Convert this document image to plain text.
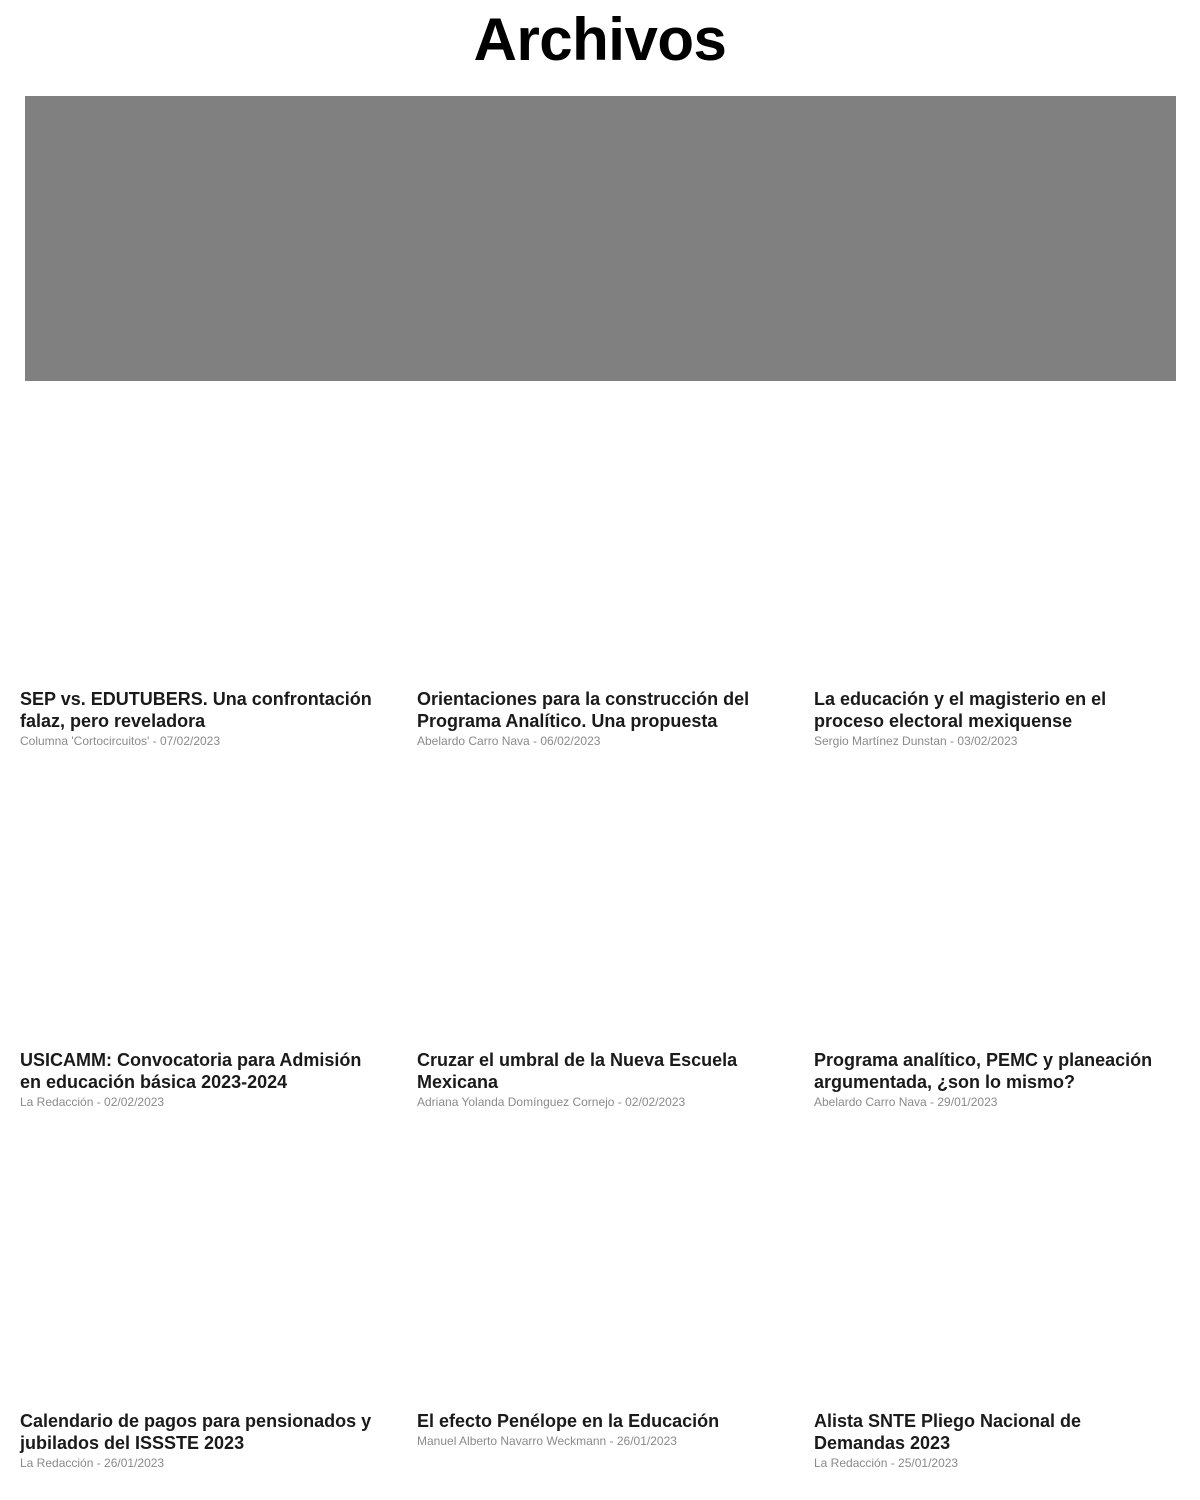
Archivos
SEP vs. EDUTUBERS. Una confrontación falaz, pero reveladora
Columna 'Cortocircuitos' - 07/02/2023
Orientaciones para la construcción del Programa Analítico. Una propuesta
Abelardo Carro Nava - 06/02/2023
La educación y el magisterio en el proceso electoral mexiquense
Sergio Martínez Dunstan - 03/02/2023
USICAMM: Convocatoria para Admisión en educación básica 2023-2024
La Redacción - 02/02/2023
Cruzar el umbral de la Nueva Escuela Mexicana
Adriana Yolanda Domínguez Cornejo - 02/02/2023
Programa analítico, PEMC y planeación argumentada, ¿son lo mismo?
Abelardo Carro Nava - 29/01/2023
Calendario de pagos para pensionados y jubilados del ISSSTE 2023
La Redacción - 26/01/2023
El efecto Penélope en la Educación
Manuel Alberto Navarro Weckmann - 26/01/2023
Alista SNTE Pliego Nacional de Demandas 2023
La Redacción - 25/01/2023
